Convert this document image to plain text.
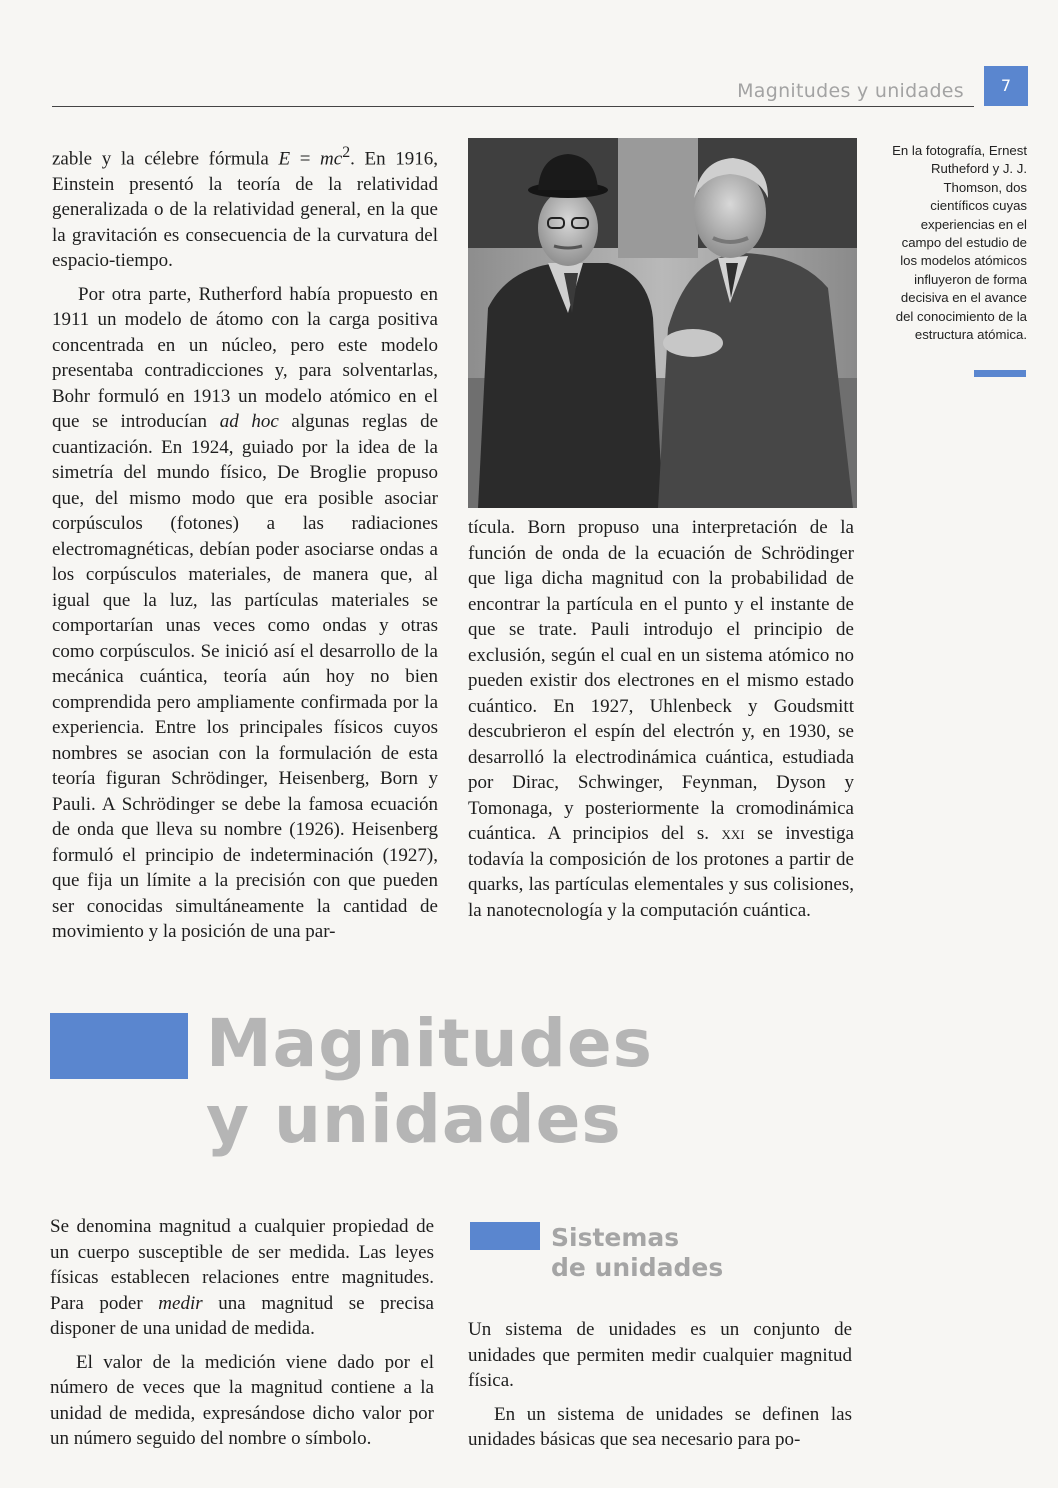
Magnitudes y unidades	7

zable y la célebre fórmula $E = mc^2$. En 1916, Einstein presentó la teoría de la relatividad generalizada o de la relatividad general, en la que la gravitación es consecuencia de la curvatura del espacio-tiempo.

Por otra parte, Rutherford había propuesto en 1911 un modelo de átomo con la carga positiva concentrada en un núcleo, pero este modelo presentaba contradicciones y, para solventarlas, Bohr formuló en 1913 un modelo atómico en el que se introducían ad hoc algunas reglas de cuantización. En 1924, guiado por la idea de la simetría del mundo físico, De Broglie propuso que, del mismo modo que era posible asociar corpúsculos (fotones) a las radiaciones electromagnéticas, debían poder asociarse ondas a los corpúsculos materiales, de manera que, al igual que la luz, las partículas materiales se comportarían unas veces como ondas y otras como corpúsculos. Se inició así el desarrollo de la mecánica cuántica, teoría aún hoy no bien comprendida pero ampliamente confirmada por la experiencia. Entre los principales físicos cuyos nombres se asocian con la formulación de esta teoría figuran Schrödinger, Heisenberg, Born y Pauli. A Schrödinger se debe la famosa ecuación de onda que lleva su nombre (1926). Heisenberg formuló el principio de indeterminación (1927), que fija un límite a la precisión con que pueden ser conocidas simultáneamente la cantidad de movimiento y la posición de una par-

En la fotografía, Ernest Rutheford y J. J. Thomson, dos científicos cuyas experiencias en el campo del estudio de los modelos atómicos influyeron de forma decisiva en el avance del conocimiento de la estructura atómica.

tícula. Born propuso una interpretación de la función de onda de la ecuación de Schrödinger que liga dicha magnitud con la probabilidad de encontrar la partícula en el punto y el instante de que se trate. Pauli introdujo el principio de exclusión, según el cual en un sistema atómico no pueden existir dos electrones en el mismo estado cuántico. En 1927, Uhlenbeck y Goudsmitt descubrieron el espín del electrón y, en 1930, se desarrolló la electrodinámica cuántica, estudiada por Dirac, Schwinger, Feynman, Dyson y Tomonaga, y posteriormente la cromodinámica cuántica. A principios del s. xxi se investiga todavía la composición de los protones a partir de quarks, las partículas elementales y sus colisiones, la nanotecnología y la computación cuántica.

Magnitudes
y unidades

Se denomina magnitud a cualquier propiedad de un cuerpo susceptible de ser medida. Las leyes físicas establecen relaciones entre magnitudes. Para poder medir una magnitud se precisa disponer de una unidad de medida.

El valor de la medición viene dado por el número de veces que la magnitud contiene a la unidad de medida, expresándose dicho valor por un número seguido del nombre o símbolo.

Sistemas
de unidades

Un sistema de unidades es un conjunto de unidades que permiten medir cualquier magnitud física.

En un sistema de unidades se definen las unidades básicas que sea necesario para po-
